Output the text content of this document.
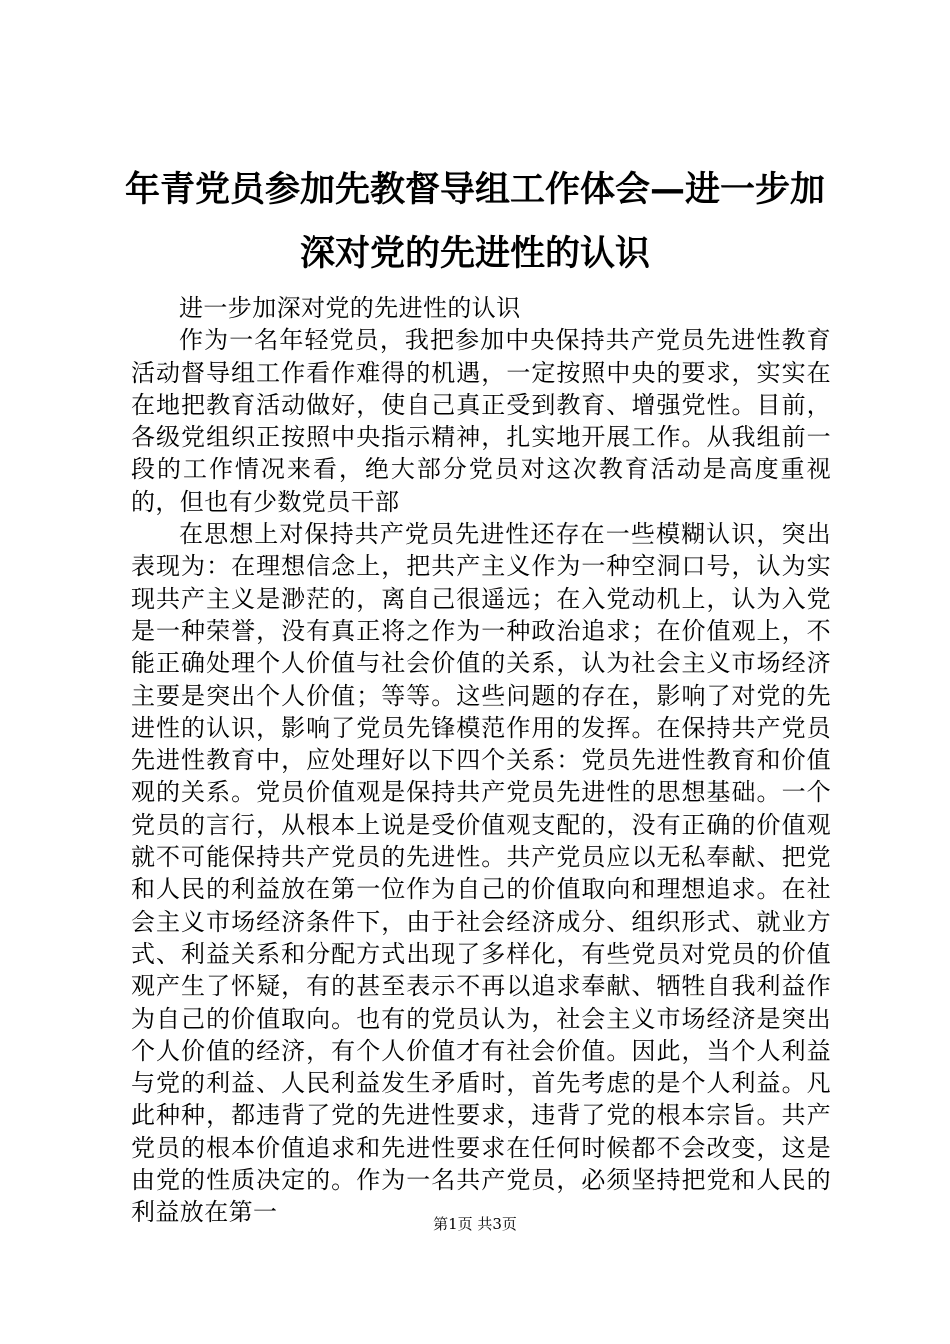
年青党员参加先教督导组工作体会—进一步加深对党的先进性的认识

进一步加深对党的先进性的认识

作为一名年轻党员，我把参加中央保持共产党员先进性教育活动督导组工作看作难得的机遇，一定按照中央的要求，实实在在地把教育活动做好，使自己真正受到教育、增强党性。目前，各级党组织正按照中央指示精神，扎实地开展工作。从我组前一段的工作情况来看，绝大部分党员对这次教育活动是高度重视的，但也有少数党员干部

在思想上对保持共产党员先进性还存在一些模糊认识，突出表现为：在理想信念上，把共产主义作为一种空洞口号，认为实现共产主义是渺茫的，离自己很遥远；在入党动机上，认为入党是一种荣誉，没有真正将之作为一种政治追求；在价值观上，不能正确处理个人价值与社会价值的关系，认为社会主义市场经济主要是突出个人价值；等等。这些问题的存在，影响了对党的先进性的认识，影响了党员先锋模范作用的发挥。在保持共产党员先进性教育中，应处理好以下四个关系：党员先进性教育和价值观的关系。党员价值观是保持共产党员先进性的思想基础。一个党员的言行，从根本上说是受价值观支配的，没有正确的价值观就不可能保持共产党员的先进性。共产党员应以无私奉献、把党和人民的利益放在第一位作为自己的价值取向和理想追求。在社会主义市场经济条件下，由于社会经济成分、组织形式、就业方式、利益关系和分配方式出现了多样化，有些党员对党员的价值观产生了怀疑，有的甚至表示不再以追求奉献、牺牲自我利益作为自己的价值取向。也有的党员认为，社会主义市场经济是突出个人价值的经济，有个人价值才有社会价值。因此，当个人利益与党的利益、人民利益发生矛盾时，首先考虑的是个人利益。凡此种种，都违背了党的先进性要求，违背了党的根本宗旨。共产党员的根本价值追求和先进性要求在任何时候都不会改变，这是由党的性质决定的。作为一名共产党员，必须坚持把党和人民的利益放在第一	第1页 共3页
